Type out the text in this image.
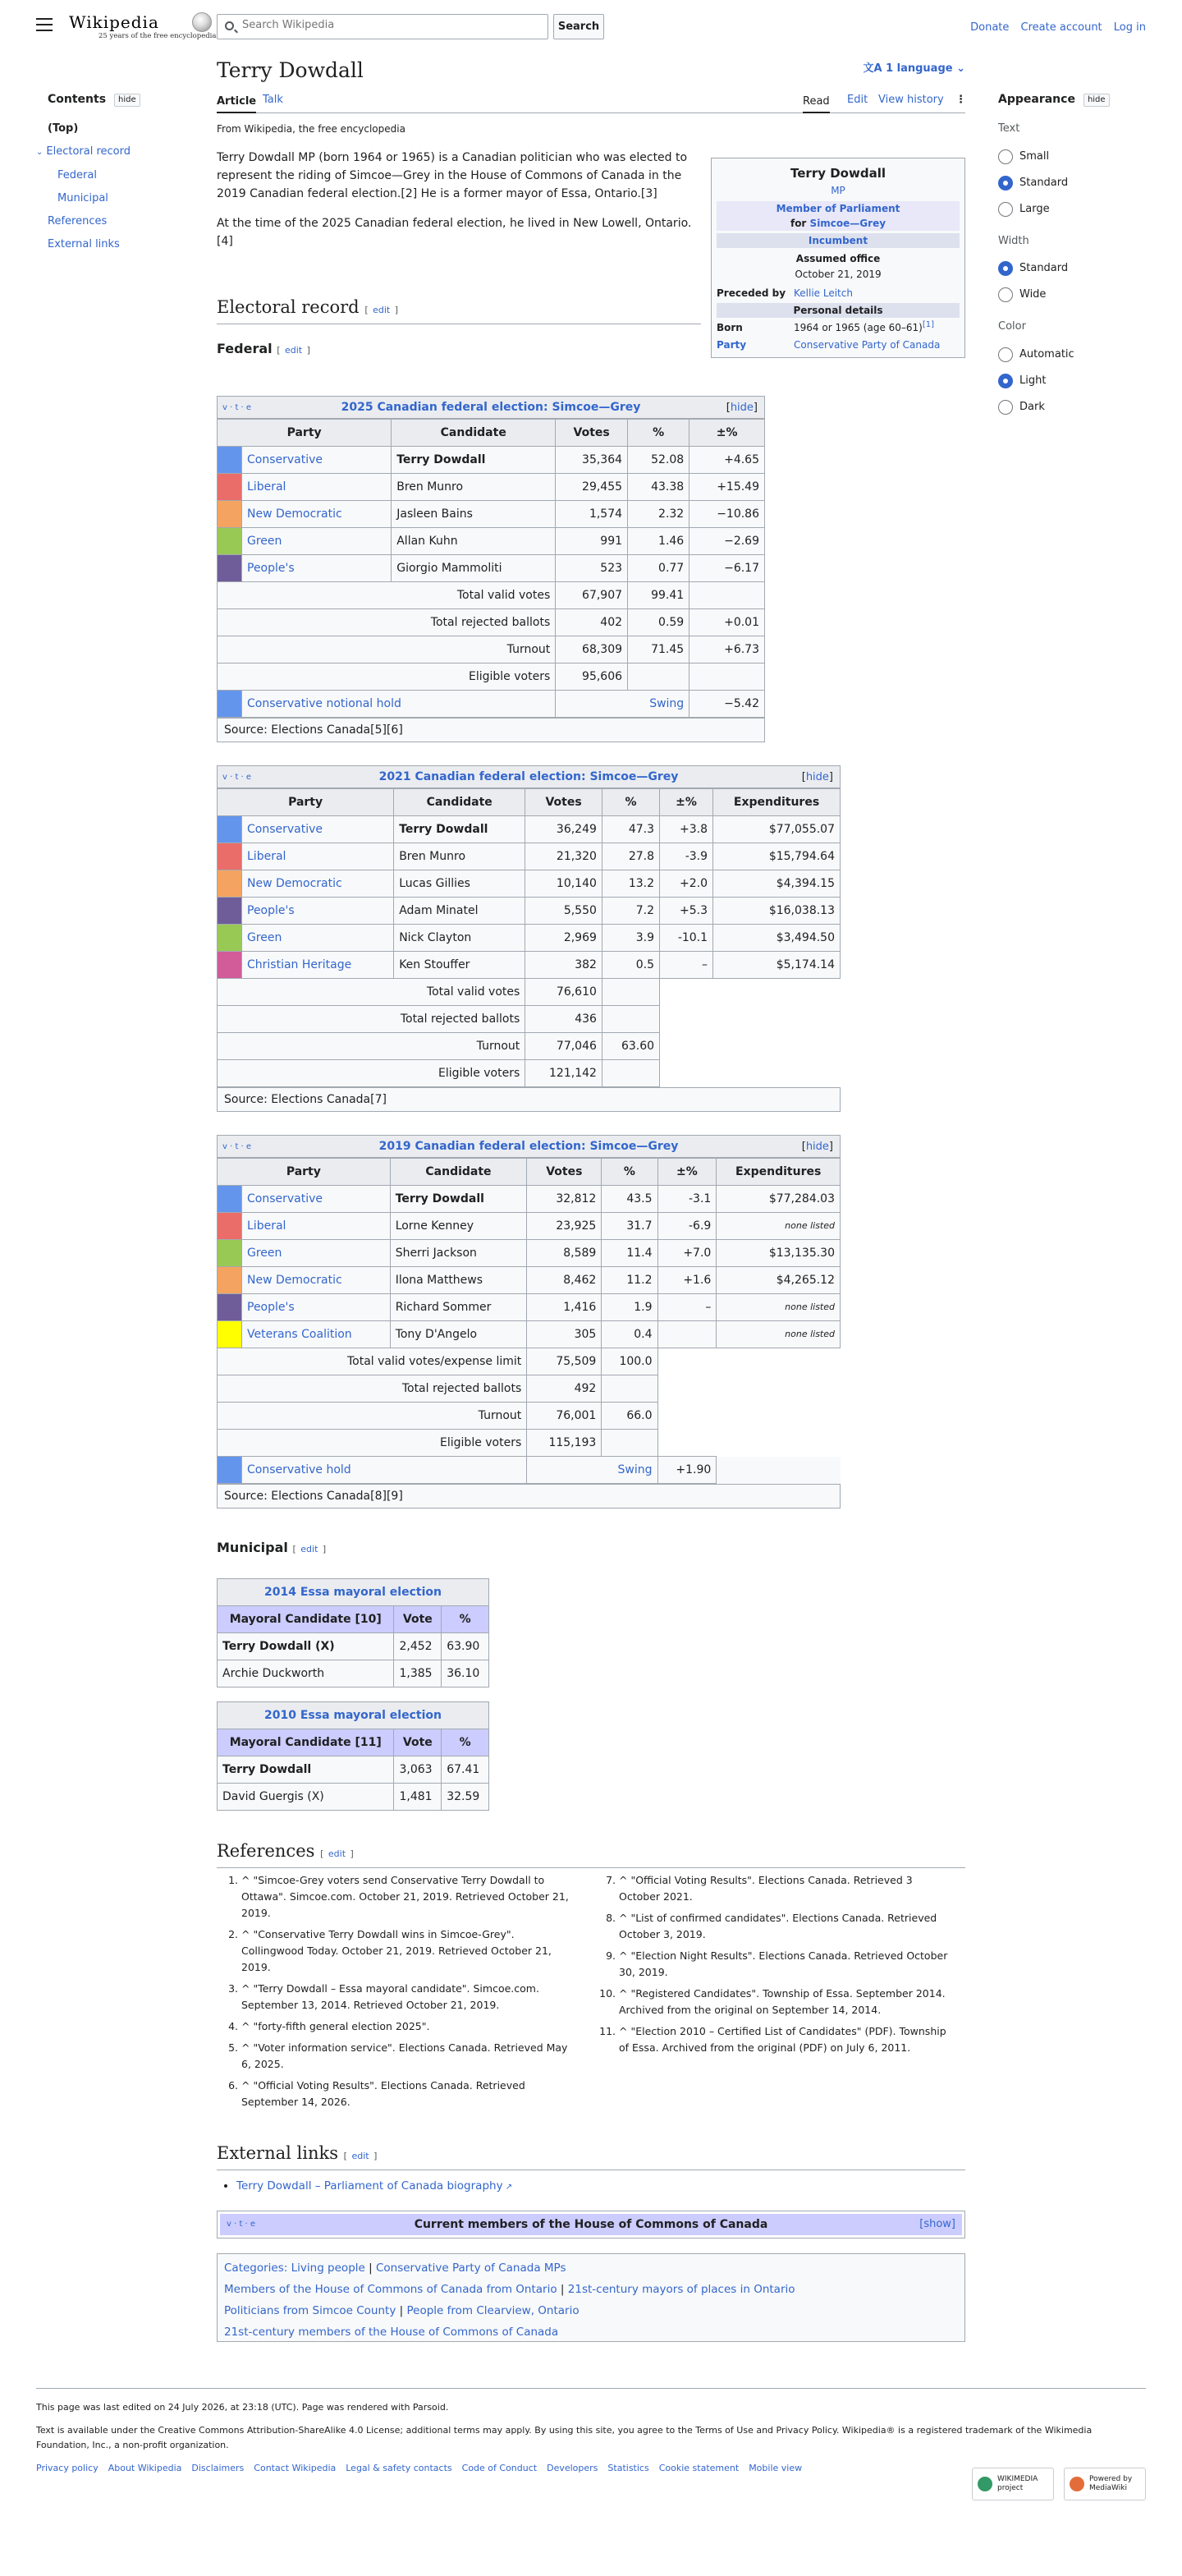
Wikipedia
25 years of the free encyclopedia
Search Wikipedia
Search	Donate Create account Log in
Contents hide
(Top)
⌄ Electoral record
Federal
Municipal
References
External links
Appearance hide
Text
Small
Standard
Large
Width
Standard
Wide
Color
Automatic
Light
Dark
Terry Dowdall	文A 1 language ⌄
Article Talk	Read Edit View history ⋮
From Wikipedia, the free encyclopedia

Terry Dowdall MP (born 1964 or 1965) is a Canadian politician who was elected to represent the riding of Simcoe—Grey in the House of Commons of Canada in the 2019 Canadian federal election.[2] He is a former mayor of Essa, Ontario.[3]

At the time of the 2025 Canadian federal election, he lived in New Lowell, Ontario.[4]

Terry Dowdall
MP
Member of Parliament
for Simcoe—Grey
Incumbent
Assumed office
October 21, 2019
Preceded by Kellie Leitch
Personal details
Born	1964 or 1965 (age 60–61)[1]
Party	Conservative Party of Canada
Electoral record [ edit ]
Federal [ edit ]
v · t · e	2025 Canadian federal election: Simcoe—Grey	[hide]
Party		Candidate	Votes	%	±%
	Conservative	Terry Dowdall	35,364	52.08	+4.65
	Liberal	Bren Munro	29,455	43.38	+15.49
	New Democratic	Jasleen Bains	1,574	2.32	−10.86
	Green	Allan Kuhn	991	1.46	−2.69
	People's	Giorgio Mammoliti	523	0.77	−6.17
Total valid votes			67,907	99.41	
Total rejected ballots			402	0.59	+0.01
Turnout			68,309	71.45	+6.73
Eligible voters			95,606		
	Conservative notional hold		Swing		−5.42
Source: Elections Canada[5][6]
v · t · e	2021 Canadian federal election: Simcoe—Grey	[hide]
Party		Candidate	Votes	%	±%	Expenditures
	Conservative	Terry Dowdall	36,249	47.3	+3.8	$77,055.07
	Liberal	Bren Munro	21,320	27.8	-3.9	$15,794.64
	New Democratic	Lucas Gillies	10,140	13.2	+2.0	$4,394.15
	People's	Adam Minatel	5,550	7.2	+5.3	$16,038.13
	Green	Nick Clayton	2,969	3.9	-10.1	$3,494.50
	Christian Heritage	Ken Stouffer	382	0.5	–	$5,174.14
Total valid votes			76,610			
Total rejected ballots			436			
Turnout			77,046	63.60		
Eligible voters			121,142			
Source: Elections Canada[7]
v · t · e	2019 Canadian federal election: Simcoe—Grey	[hide]
Party		Candidate	Votes	%	±%	Expenditures
	Conservative	Terry Dowdall	32,812	43.5	-3.1	$77,284.03
	Liberal	Lorne Kenney	23,925	31.7	-6.9	none listed
	Green	Sherri Jackson	8,589	11.4	+7.0	$13,135.30
	New Democratic	Ilona Matthews	8,462	11.2	+1.6	$4,265.12
	People's	Richard Sommer	1,416	1.9	–	none listed
	Veterans Coalition	Tony D'Angelo	305	0.4		none listed
Total valid votes/expense limit			75,509	100.0		
Total rejected ballots			492			
Turnout			76,001	66.0		
Eligible voters			115,193			
	Conservative hold		Swing		+1.90	
Source: Elections Canada[8][9]
Municipal [ edit ]
2014 Essa mayoral election		
Mayoral Candidate [10]	Vote	%
Terry Dowdall (X)	2,452	63.90
Archie Duckworth	1,385	36.10
2010 Essa mayoral election		
Mayoral Candidate [11]	Vote	%
Terry Dowdall	3,063	67.41
David Guergis (X)	1,481	32.59
References [ edit ]
1. ^ "Simcoe-Grey voters send Conservative Terry Dowdall to Ottawa". Simcoe.com. October 21, 2019. Retrieved October 21, 2019.
2. ^ "Conservative Terry Dowdall wins in Simcoe-Grey". Collingwood Today. October 21, 2019. Retrieved October 21, 2019.
3. ^ "Terry Dowdall – Essa mayoral candidate". Simcoe.com. September 13, 2014. Retrieved October 21, 2019.
4. ^ "forty-fifth general election 2025".
5. ^ "Voter information service". Elections Canada. Retrieved May 6, 2025.
6. ^ "Official Voting Results". Elections Canada. Retrieved September 14, 2026.
7. ^ "Official Voting Results". Elections Canada. Retrieved 3 October 2021.
8. ^ "List of confirmed candidates". Elections Canada. Retrieved October 3, 2019.
9. ^ "Election Night Results". Elections Canada. Retrieved October 30, 2019.
10. ^ "Registered Candidates". Township of Essa. September 2014. Archived from the original on September 14, 2014.
11. ^ "Election 2010 – Certified List of Candidates" (PDF). Township of Essa. Archived from the original (PDF) on July 6, 2011.
External links [ edit ]
• Terry Dowdall – Parliament of Canada biography ↗
v · t · e	Current members of the House of Commons of Canada	[show]
Categories: Living people | Conservative Party of Canada MPs
Members of the House of Commons of Canada from Ontario | 21st-century mayors of places in Ontario
Politicians from Simcoe County | People from Clearview, Ontario
21st-century members of the House of Commons of Canada
This page was last edited on 24 July 2026, at 23:18 (UTC). Page was rendered with Parsoid.
Text is available under the Creative Commons Attribution-ShareAlike 4.0 License; additional terms may apply. By using this site, you agree to the Terms of Use and Privacy Policy. Wikipedia® is a registered trademark of the Wikimedia Foundation, Inc., a non-profit organization.
Privacy policy About Wikipedia Disclaimers Contact Wikipedia Legal & safety contacts Code of Conduct Developers Statistics Cookie statement Mobile view
WIKIMEDIA project
Powered by MediaWiki
